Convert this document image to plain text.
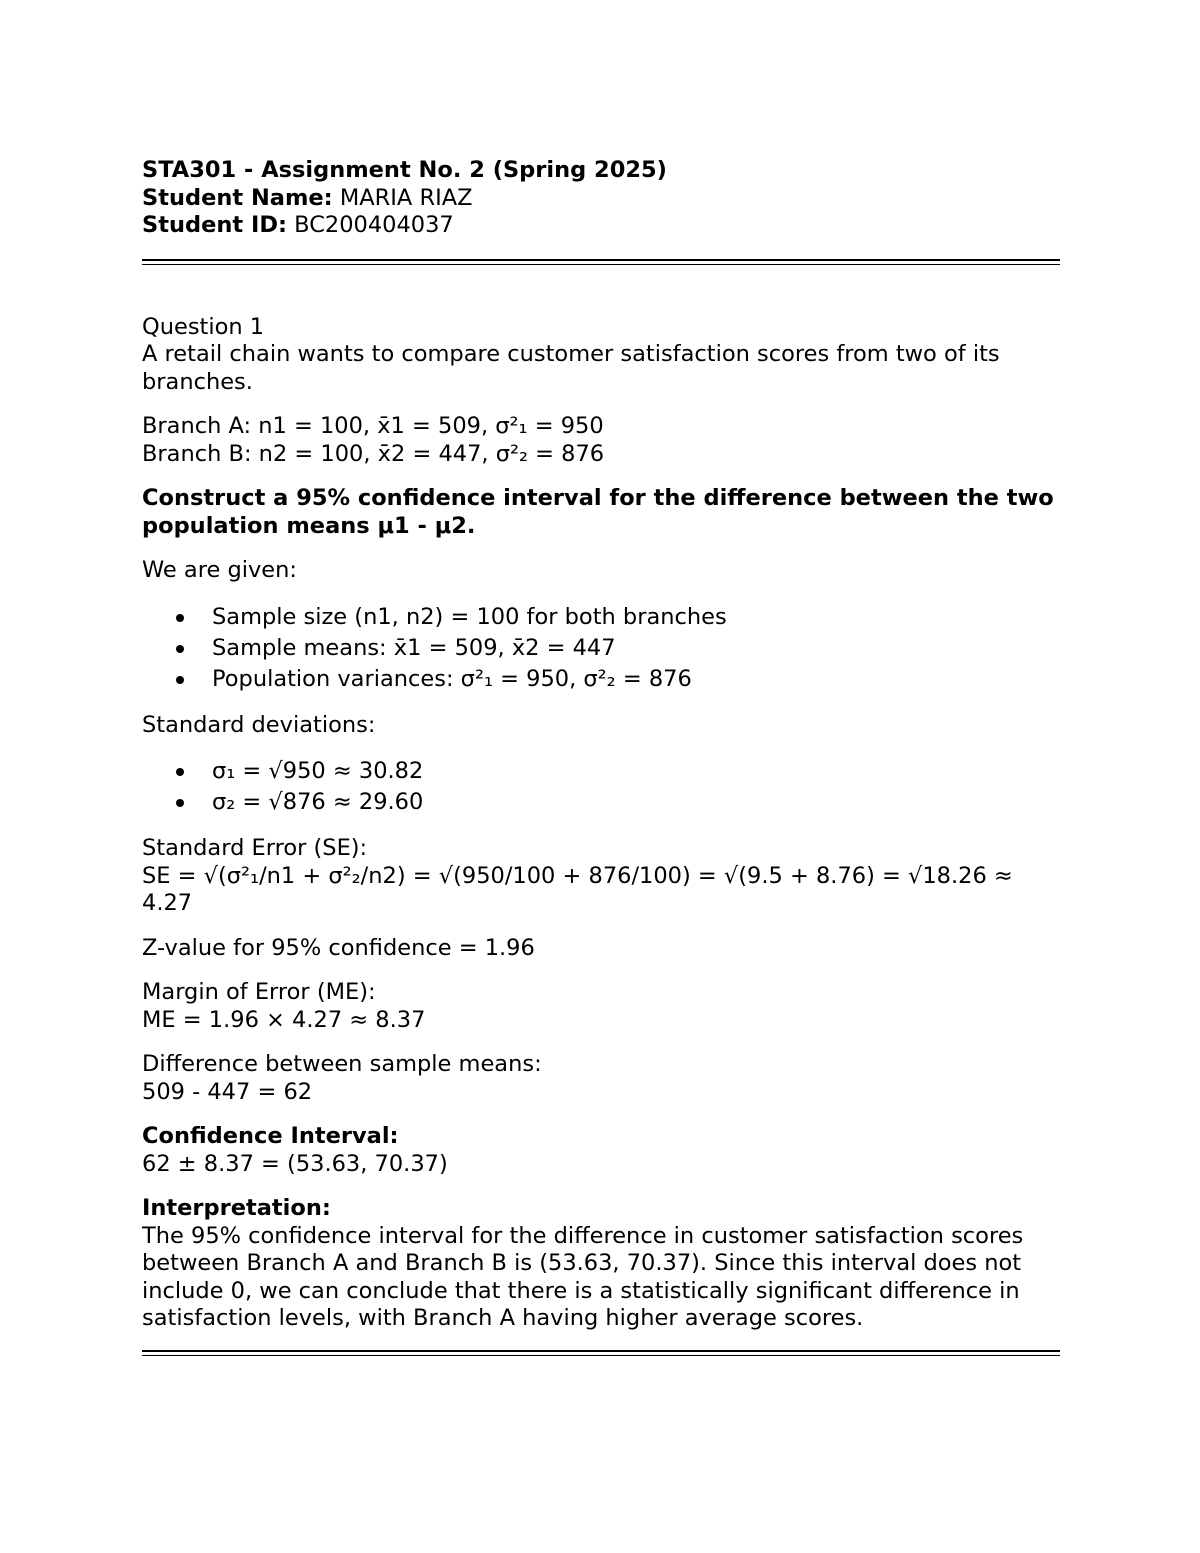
STA301 - Assignment No. 2 (Spring 2025)

Student Name: MARIA RIAZ

Student ID: BC200404037

Question 1

A retail chain wants to compare customer satisfaction scores from two of its branches.

Branch A: n1 = 100, x̄1 = 509, σ²₁ = 950

Branch B: n2 = 100, x̄2 = 447, σ²₂ = 876

Construct a 95% confidence interval for the difference between the two population means μ1 - μ2.

We are given:

Sample size (n1, n2) = 100 for both branches
Sample means: x̄1 = 509, x̄2 = 447
Population variances: σ²₁ = 950, σ²₂ = 876

Standard deviations:

σ₁ = √950 ≈ 30.82
σ₂ = √876 ≈ 29.60

Standard Error (SE):

SE = √(σ²₁/n1 + σ²₂/n2) = √(950/100 + 876/100) = √(9.5 + 8.76) = √18.26 ≈ 4.27

Z-value for 95% confidence = 1.96

Margin of Error (ME):

ME = 1.96 × 4.27 ≈ 8.37

Difference between sample means:

509 - 447 = 62

Confidence Interval:

62 ± 8.37 = (53.63, 70.37)

Interpretation:

The 95% confidence interval for the difference in customer satisfaction scores between Branch A and Branch B is (53.63, 70.37). Since this interval does not include 0, we can conclude that there is a statistically significant difference in satisfaction levels, with Branch A having higher average scores.
